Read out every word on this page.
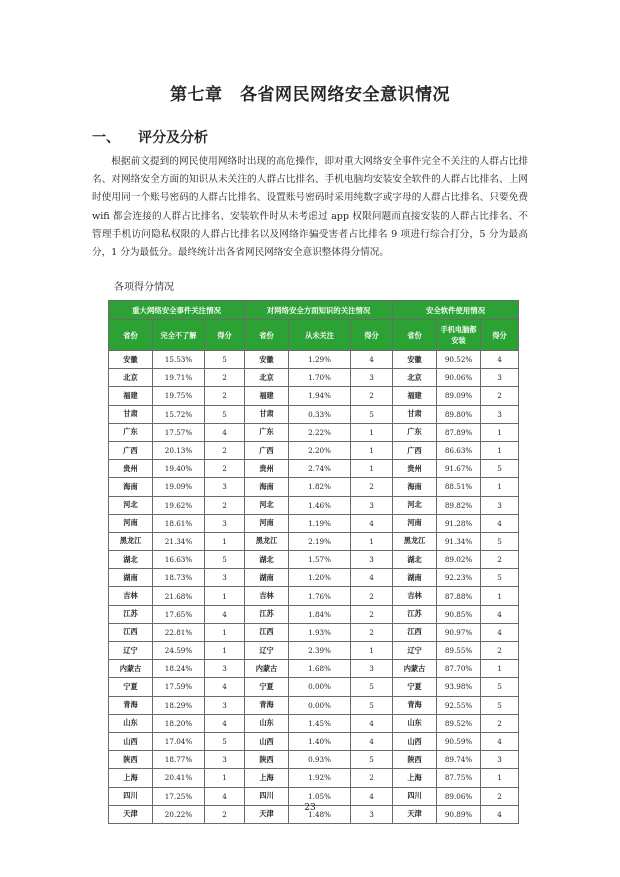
第七章　各省网民网络安全意识情况
一、 评分及分析

根据前文提到的网民使用网络时出现的高危操作，即对重大网络安全事件完全不关注的人群占比排名、对网络安全方面的知识从未关注的人群占比排名、手机电脑均安装安全软件的人群占比排名、上网时使用同一个账号密码的人群占比排名、设置账号密码时采用纯数字或字母的人群占比排名、只要免费 wifi 都会连接的人群占比排名、安装软件时从未考虑过 app 权限问题而直接安装的人群占比排名、不管理手机访问隐私权限的人群占比排名以及网络诈骗受害者占比排名 9 项进行综合打分，5 分为最高分，1 分为最低分。最终统计出各省网民网络安全意识整体得分情况。

各项得分情况
重大网络安全事件关注情况			对网络安全方面知识的关注情况			安全软件使用情况		
省份	完全不了解	得分	省份	从未关注	得分	省份	手机电脑都安装	得分
安徽	15.53%	5	安徽	1.29%	4	安徽	90.52%	4
北京	19.71%	2	北京	1.70%	3	北京	90.06%	3
福建	19.75%	2	福建	1.94%	2	福建	89.09%	2
甘肃	15.72%	5	甘肃	0.33%	5	甘肃	89.80%	3
广东	17.57%	4	广东	2.22%	1	广东	87.89%	1
广西	20.13%	2	广西	2.20%	1	广西	86.63%	1
贵州	19.40%	2	贵州	2.74%	1	贵州	91.67%	5
海南	19.09%	3	海南	1.82%	2	海南	88.51%	1
河北	19.62%	2	河北	1.46%	3	河北	89.82%	3
河南	18.61%	3	河南	1.19%	4	河南	91.28%	4
黑龙江	21.34%	1	黑龙江	2.19%	1	黑龙江	91.34%	5
湖北	16.63%	5	湖北	1.57%	3	湖北	89.02%	2
湖南	18.73%	3	湖南	1.20%	4	湖南	92.23%	5
吉林	21.68%	1	吉林	1.76%	2	吉林	87.88%	1
江苏	17.65%	4	江苏	1.84%	2	江苏	90.85%	4
江西	22.81%	1	江西	1.93%	2	江西	90.97%	4
辽宁	24.59%	1	辽宁	2.39%	1	辽宁	89.55%	2
内蒙古	18.24%	3	内蒙古	1.68%	3	内蒙古	87.70%	1
宁夏	17.59%	4	宁夏	0.00%	5	宁夏	93.98%	5
青海	18.29%	3	青海	0.00%	5	青海	92.55%	5
山东	18.20%	4	山东	1.45%	4	山东	89.52%	2
山西	17.04%	5	山西	1.40%	4	山西	90.59%	4
陕西	18.77%	3	陕西	0.93%	5	陕西	89.74%	3
上海	20.41%	1	上海	1.92%	2	上海	87.75%	1
四川	17.25%	4	四川	1.05%	4	四川	89.06%	2
天津	20.22%	2	天津	1.48%	3	天津	90.89%	4
23
